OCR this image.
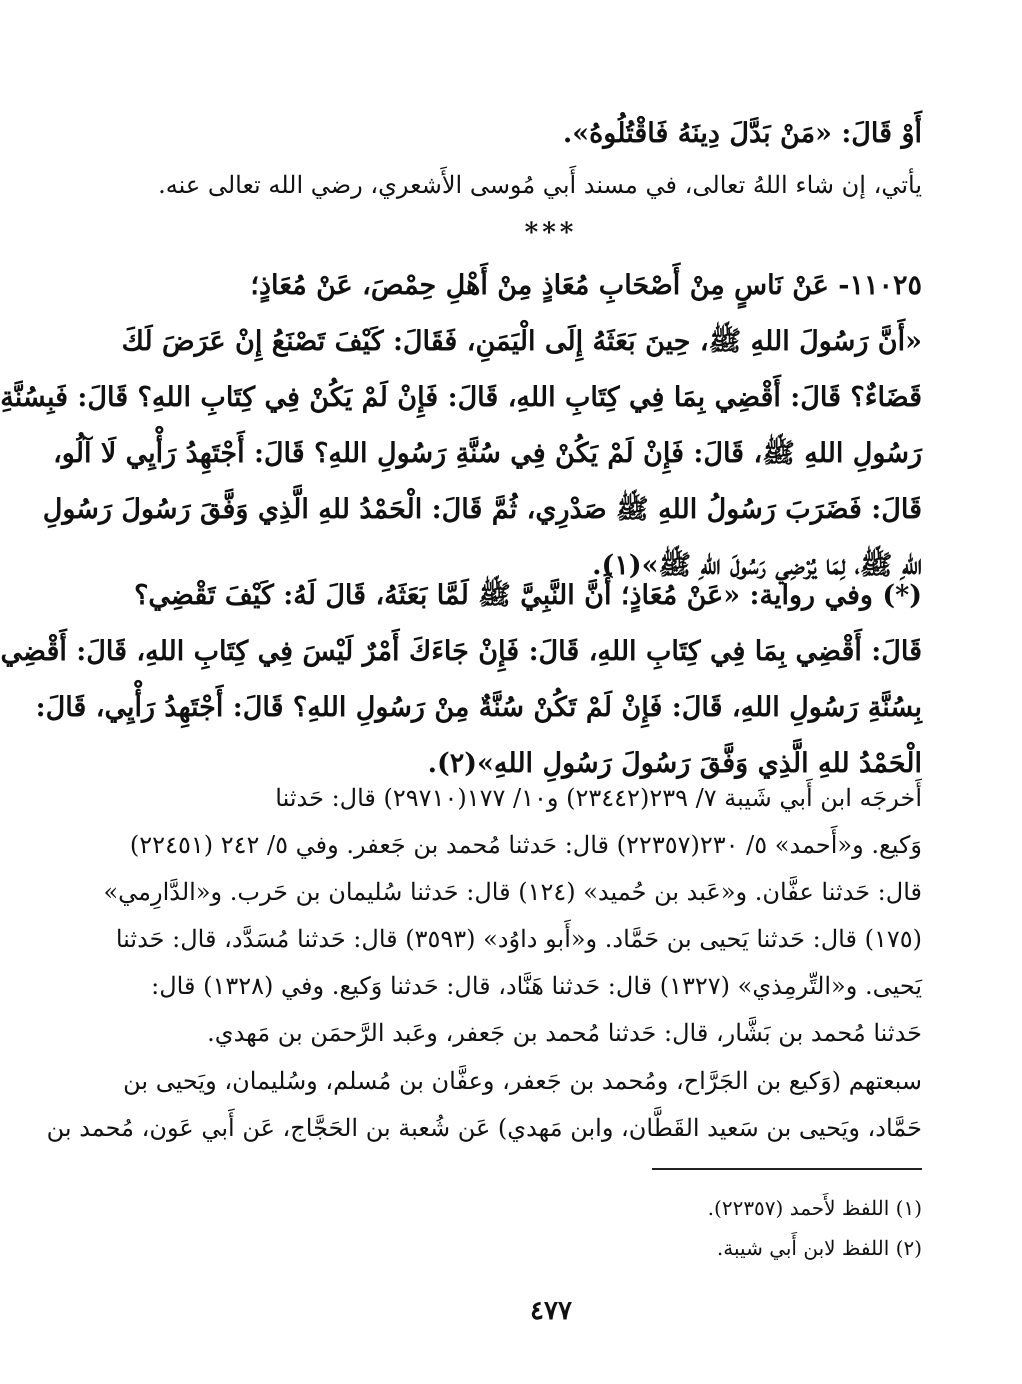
أَوْ قَالَ: «مَنْ بَدَّلَ دِينَهُ فَاقْتُلُوهُ».
يأتي، إن شاء اللهُ تعالى، في مسند أَبي مُوسى الأَشعري، رضي الله تعالى عنه.
***
١١٠٢٥- عَنْ نَاسٍ مِنْ أَصْحَابِ مُعَاذٍ مِنْ أَهْلِ حِمْصَ، عَنْ مُعَاذٍ؛
«أَنَّ رَسُولَ اللهِ ﷺ، حِينَ بَعَثَهُ إِلَى الْيَمَنِ، فَقَالَ: كَيْفَ تَصْنَعُ إِنْ عَرَضَ لَكَ
قَضَاءٌ؟ قَالَ: أَقْضِي بِمَا فِي كِتَابِ اللهِ، قَالَ: فَإِنْ لَمْ يَكُنْ فِي كِتَابِ اللهِ؟ قَالَ: فَبِسُنَّةِ
رَسُولِ اللهِ ﷺ، قَالَ: فَإِنْ لَمْ يَكُنْ فِي سُنَّةِ رَسُولِ اللهِ؟ قَالَ: أَجْتَهِدُ رَأْيِي لَا آلُو،
قَالَ: فَضَرَبَ رَسُولُ اللهِ ﷺ صَدْرِي، ثُمَّ قَالَ: الْحَمْدُ للهِ الَّذِي وَفَّقَ رَسُولَ رَسُولِ
اللهِ ﷺ، لِمَا يُرْضِي رَسُولَ اللهِ ﷺ»(١).
(*) وفي رواية: «عَنْ مُعَاذٍ؛ أَنَّ النَّبِيَّ ﷺ لَمَّا بَعَثَهُ، قَالَ لَهُ: كَيْفَ تَقْضِي؟
قَالَ: أَقْضِي بِمَا فِي كِتَابِ اللهِ، قَالَ: فَإِنْ جَاءَكَ أَمْرٌ لَيْسَ فِي كِتَابِ اللهِ، قَالَ: أَقْضِي
بِسُنَّةِ رَسُولِ اللهِ، قَالَ: فَإِنْ لَمْ تَكُنْ سُنَّةٌ مِنْ رَسُولِ اللهِ؟ قَالَ: أَجْتَهِدُ رَأْيِي، قَالَ:
الْحَمْدُ للهِ الَّذِي وَفَّقَ رَسُولَ رَسُولِ اللهِ»(٢).
أَخرجَه ابن أَبي شَيبة ٧/ ٢٣٩(٢٣٤٤٢) و١٠/ ١٧٧(٢٩٧١٠) قال: حَدثنا
وَكيع. و«أَحمد» ٥/ ٢٣٠(٢٢٣٥٧) قال: حَدثنا مُحمد بن جَعفر. وفي ٥/ ٢٤٢ (٢٢٤٥١)
قال: حَدثنا عفَّان. و«عَبد بن حُميد» (١٢٤) قال: حَدثنا سُليمان بن حَرب. و«الدَّارِمي»
(١٧٥) قال: حَدثنا يَحيى بن حَمَّاد. و«أَبو داوُد» (٣٥٩٣) قال: حَدثنا مُسَدَّد، قال: حَدثنا
يَحيى. و«التِّرمِذي» (١٣٢٧) قال: حَدثنا هَنَّاد، قال: حَدثنا وَكيع. وفي (١٣٢٨) قال:
حَدثنا مُحمد بن بَشَّار، قال: حَدثنا مُحمد بن جَعفر، وعَبد الرَّحمَن بن مَهدي.
سبعتهم (وَكيع بن الجَرَّاح، ومُحمد بن جَعفر، وعفَّان بن مُسلم، وسُليمان، ويَحيى بن
حَمَّاد، ويَحيى بن سَعيد القَطَّان، وابن مَهدي) عَن شُعبة بن الحَجَّاج، عَن أَبي عَون، مُحمد بن
(١) اللفظ لأَحمد (٢٢٣٥٧).
(٢) اللفظ لابن أَبي شيبة.
٤٧٧
